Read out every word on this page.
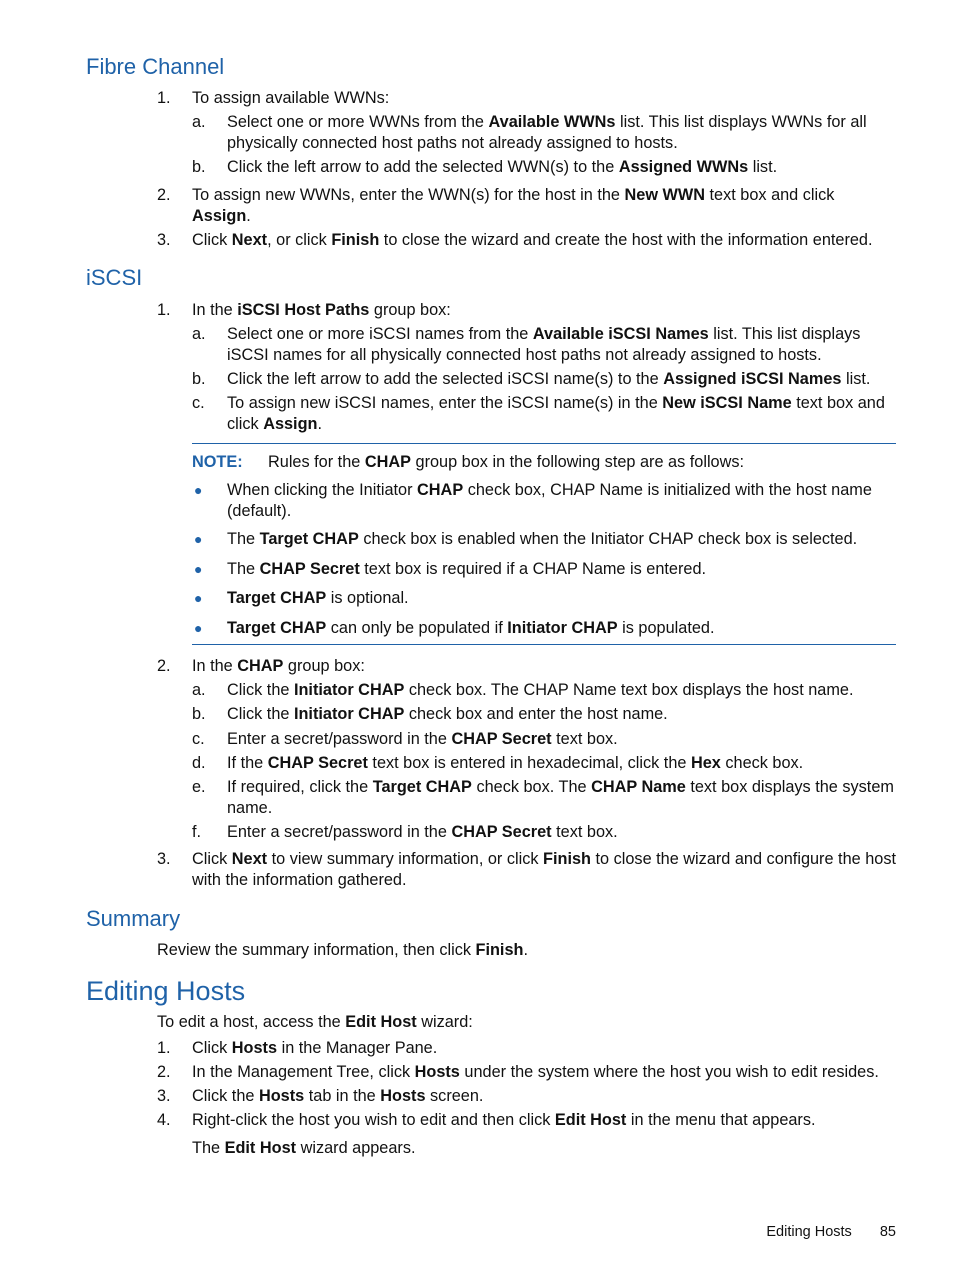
Fibre Channel
1. To assign available WWNs:
a. Select one or more WWNs from the Available WWNs list. This list displays WWNs for all physically connected host paths not already assigned to hosts.
b. Click the left arrow to add the selected WWN(s) to the Assigned WWNs list.
2. To assign new WWNs, enter the WWN(s) for the host in the New WWN text box and click Assign.
3. Click Next, or click Finish to close the wizard and create the host with the information entered.
iSCSI
1. In the iSCSI Host Paths group box:
a. Select one or more iSCSI names from the Available iSCSI Names list. This list displays iSCSI names for all physically connected host paths not already assigned to hosts.
b. Click the left arrow to add the selected iSCSI name(s) to the Assigned iSCSI Names list.
c. To assign new iSCSI names, enter the iSCSI name(s) in the New iSCSI Name text box and click Assign.
NOTE: Rules for the CHAP group box in the following step are as follows:
● When clicking the Initiator CHAP check box, CHAP Name is initialized with the host name (default).
● The Target CHAP check box is enabled when the Initiator CHAP check box is selected.
● The CHAP Secret text box is required if a CHAP Name is entered.
● Target CHAP is optional.
● Target CHAP can only be populated if Initiator CHAP is populated.
2. In the CHAP group box:
a. Click the Initiator CHAP check box. The CHAP Name text box displays the host name.
b. Click the Initiator CHAP check box and enter the host name.
c. Enter a secret/password in the CHAP Secret text box.
d. If the CHAP Secret text box is entered in hexadecimal, click the Hex check box.
e. If required, click the Target CHAP check box. The CHAP Name text box displays the system name.
f. Enter a secret/password in the CHAP Secret text box.
3. Click Next to view summary information, or click Finish to close the wizard and configure the host with the information gathered.
Summary
Review the summary information, then click Finish.
Editing Hosts
To edit a host, access the Edit Host wizard:
1. Click Hosts in the Manager Pane.
2. In the Management Tree, click Hosts under the system where the host you wish to edit resides.
3. Click the Hosts tab in the Hosts screen.
4. Right-click the host you wish to edit and then click Edit Host in the menu that appears.
The Edit Host wizard appears.
Editing Hosts 85
